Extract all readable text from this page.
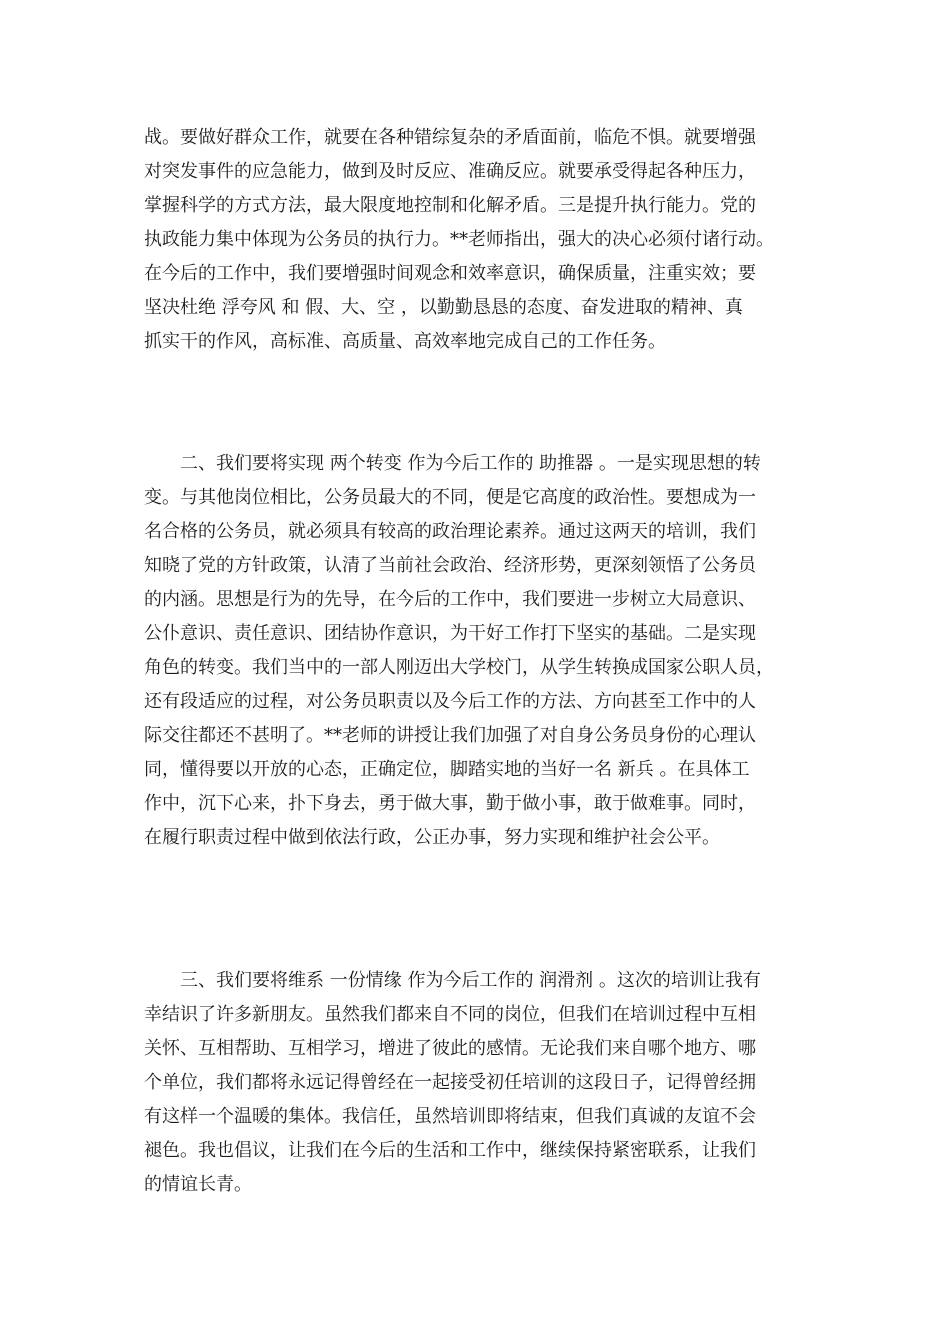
战。要做好群众工作，就要在各种错综复杂的矛盾面前，临危不惧。就要增强
对突发事件的应急能力，做到及时反应、准确反应。就要承受得起各种压力，
掌握科学的方式方法，最大限度地控制和化解矛盾。三是提升执行能力。党的
执政能力集中体现为公务员的执行力。**老师指出，强大的决心必须付诸行动。
在今后的工作中，我们要增强时间观念和效率意识，确保质量，注重实效；要
坚决杜绝 浮夸风 和 假、大、空 ，以勤勤恳恳的态度、奋发进取的精神、真
抓实干的作风，高标准、高质量、高效率地完成自己的工作任务。
　　二、我们要将实现 两个转变 作为今后工作的 助推器 。一是实现思想的转
变。与其他岗位相比，公务员最大的不同，便是它高度的政治性。要想成为一
名合格的公务员，就必须具有较高的政治理论素养。通过这两天的培训，我们
知晓了党的方针政策，认清了当前社会政治、经济形势，更深刻领悟了公务员
的内涵。思想是行为的先导，在今后的工作中，我们要进一步树立大局意识、
公仆意识、责任意识、团结协作意识，为干好工作打下坚实的基础。二是实现
角色的转变。我们当中的一部人刚迈出大学校门，从学生转换成国家公职人员，
还有段适应的过程，对公务员职责以及今后工作的方法、方向甚至工作中的人
际交往都还不甚明了。**老师的讲授让我们加强了对自身公务员身份的心理认
同，懂得要以开放的心态，正确定位，脚踏实地的当好一名 新兵 。在具体工
作中，沉下心来，扑下身去，勇于做大事，勤于做小事，敢于做难事。同时，
在履行职责过程中做到依法行政，公正办事，努力实现和维护社会公平。
　　三、我们要将维系 一份情缘 作为今后工作的 润滑剂 。这次的培训让我有
幸结识了许多新朋友。虽然我们都来自不同的岗位，但我们在培训过程中互相
关怀、互相帮助、互相学习，增进了彼此的感情。无论我们来自哪个地方、哪
个单位，我们都将永远记得曾经在一起接受初任培训的这段日子，记得曾经拥
有这样一个温暖的集体。我信任，虽然培训即将结束，但我们真诚的友谊不会
褪色。我也倡议，让我们在今后的生活和工作中，继续保持紧密联系，让我们
的情谊长青。
